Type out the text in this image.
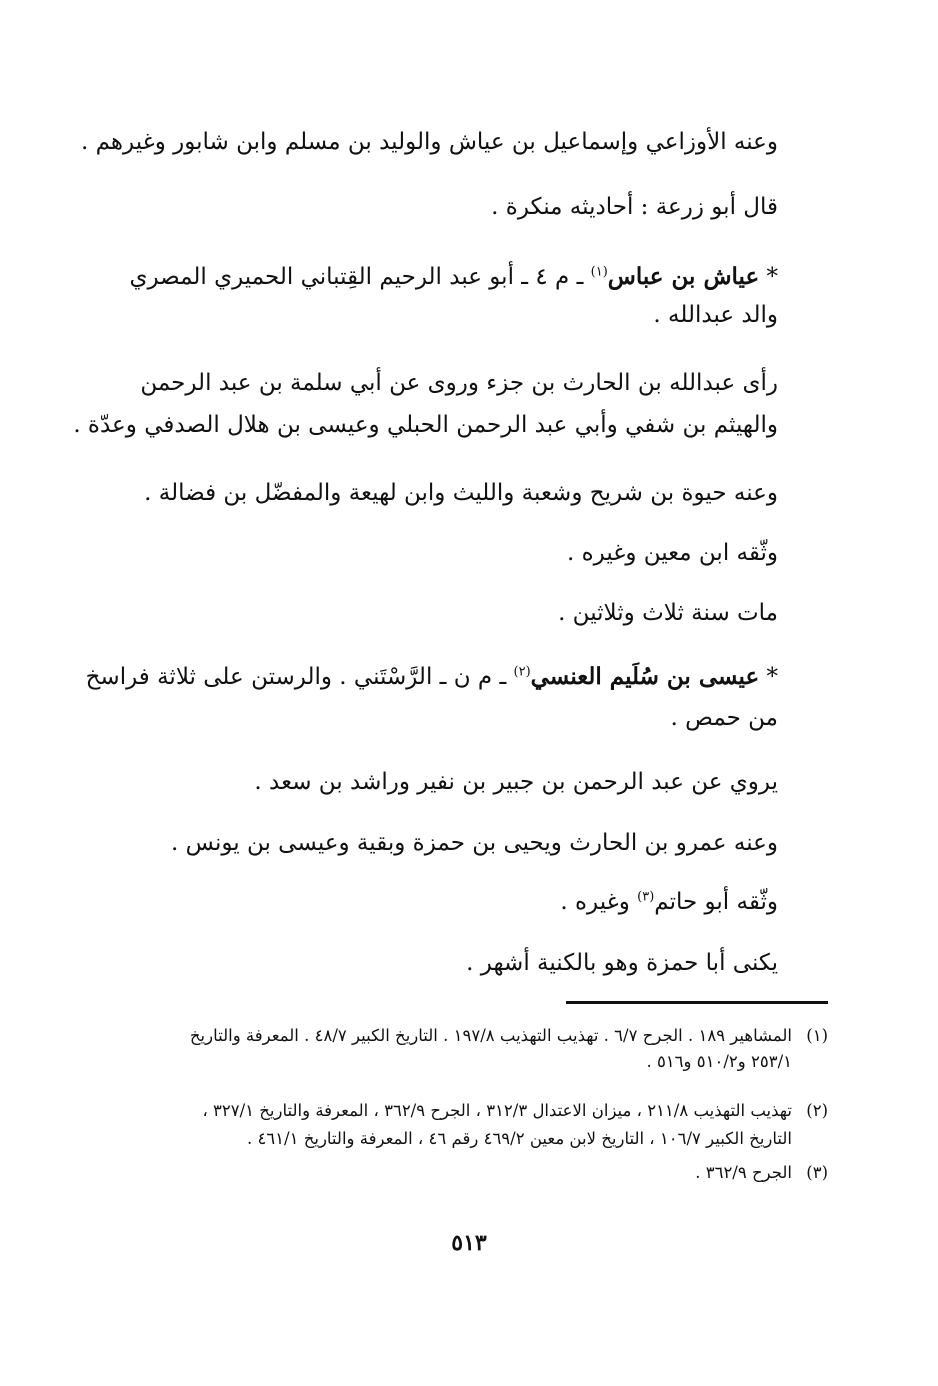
وعنه الأوزاعي وإسماعيل بن عياش والوليد بن مسلم وابن شابور وغيرهم .
قال أبو زرعة : أحاديثه منكرة .
* عياش بن عباس$^{(١)}$ ـ م ٤ ـ أبو عبد الرحيم القِتباني الحميري المصري
والد عبدالله .
رأى عبدالله بن الحارث بن جزء وروى عن أبي سلمة بن عبد الرحمن
والهيثم بن شفي وأبي عبد الرحمن الحبلي وعيسى بن هلال الصدفي وعدّة .
وعنه حيوة بن شريح وشعبة والليث وابن لهيعة والمفضّل بن فضالة .
وثّقه ابن معين وغيره .
مات سنة ثلاث وثلاثين .
* عيسى بن سُلَيم العنسي$^{(٢)}$ ـ م ن ـ الرَّسْتَني . والرستن على ثلاثة فراسخ
من حمص .
يروي عن عبد الرحمن بن جبير بن نفير وراشد بن سعد .
وعنه عمرو بن الحارث ويحيى بن حمزة وبقية وعيسى بن يونس .
وثّقه أبو حاتم$^{(٣)}$ وغيره .
يكنى أبا حمزة وهو بالكنية أشهر .
(١)المشاهير ١٨٩ . الجرح ٦/٧ . تهذيب التهذيب ١٩٧/٨ . التاريخ الكبير ٤٨/٧ . المعرفة والتاريخ
٢٥٣/١ و٥١٠/٢ و٥١٦ .
(٢)تهذيب التهذيب ٢١١/٨ ، ميزان الاعتدال ٣١٢/٣ ، الجرح ٣٦٢/٩ ، المعرفة والتاريخ ٣٢٧/١ ،
التاريخ الكبير ١٠٦/٧ ، التاريخ لابن معين ٤٦٩/٢ رقم ٤٦ ، المعرفة والتاريخ ٤٦١/١ .
(٣)الجرح ٣٦٢/٩ .
٥١٣
